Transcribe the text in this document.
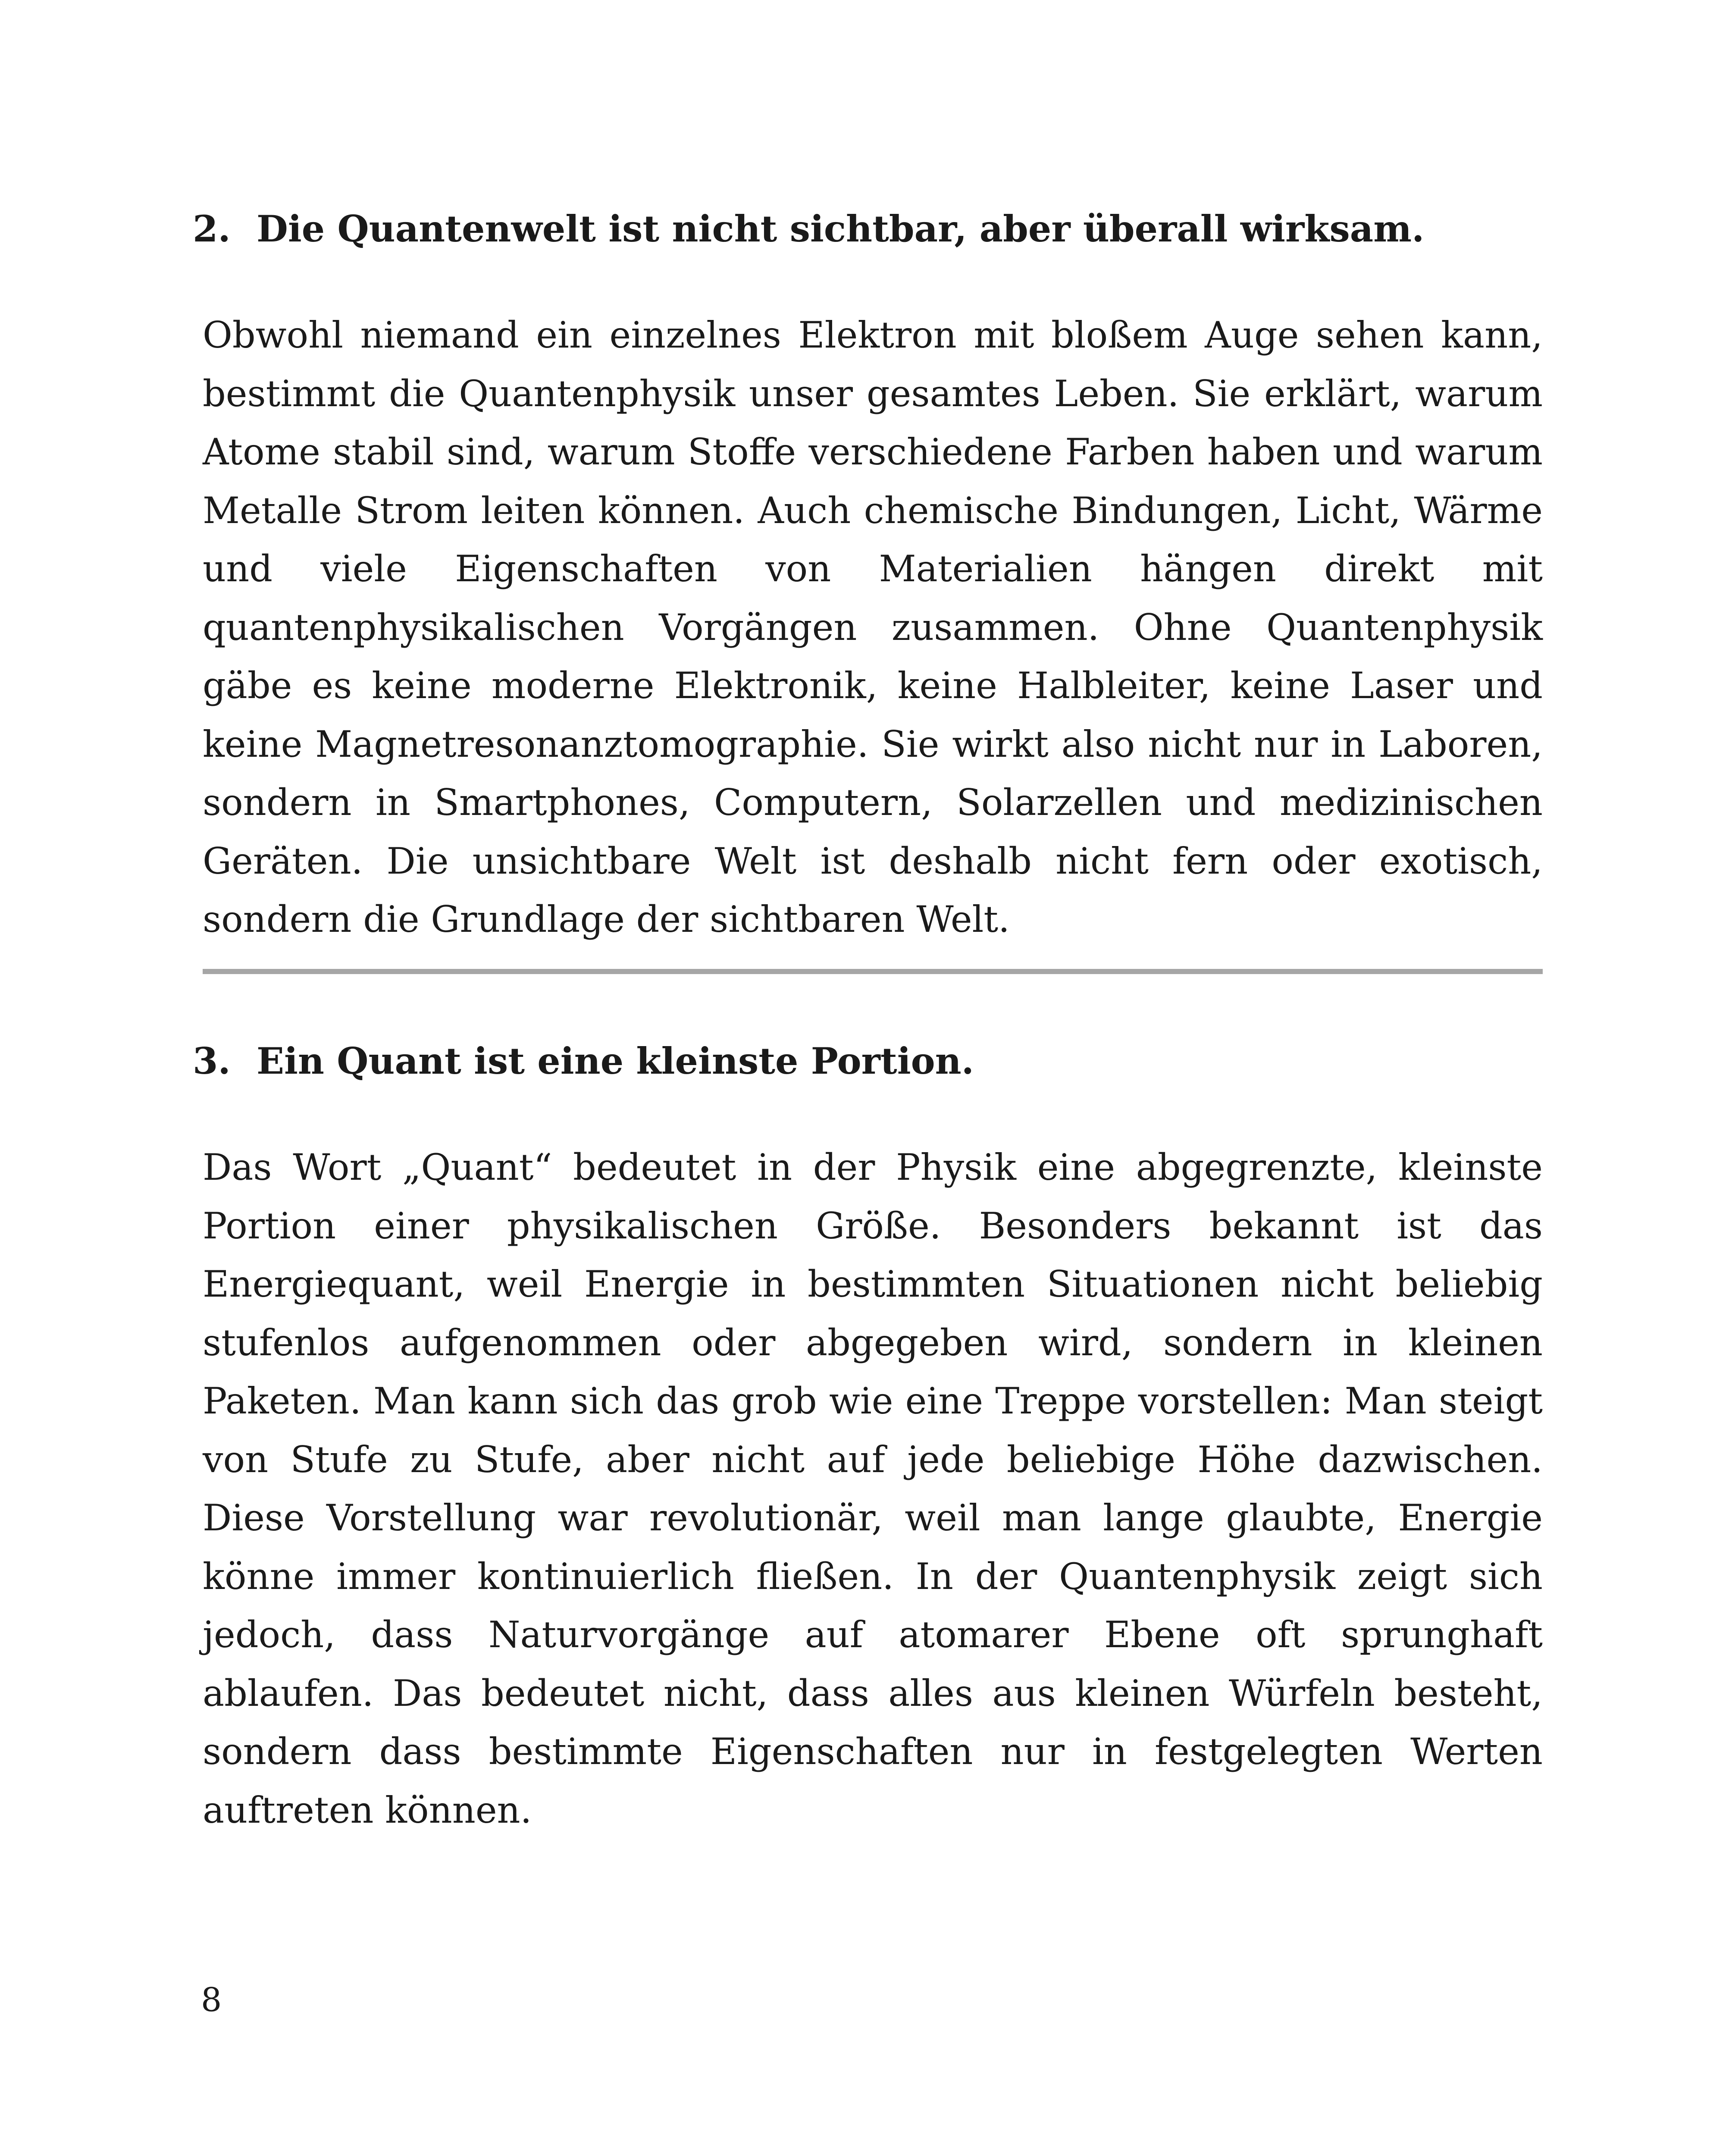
2. Die Quantenwelt ist nicht sichtbar, aber überall wirksam.

Obwohl niemand ein einzelnes Elektron mit bloßem Auge sehen kann, bestimmt die Quantenphysik unser gesamtes Leben. Sie erklärt, warum Atome stabil sind, warum Stoffe verschiedene Farben haben und warum Metalle Strom leiten können. Auch chemische Bindungen, Licht, Wärme und viele Eigenschaften von Materialien hängen direkt mit quantenphysikalischen Vorgängen zusammen. Ohne Quantenphysik gäbe es keine moderne Elektronik, keine Halbleiter, keine Laser und keine Magnetresonanztomographie. Sie wirkt also nicht nur in Laboren, sondern in Smartphones, Computern, Solarzellen und medizinischen Geräten. Die unsichtbare Welt ist deshalb nicht fern oder exotisch, sondern die Grundlage der sichtbaren Welt.

3. Ein Quant ist eine kleinste Portion.

Das Wort „Quant“ bedeutet in der Physik eine abgegrenzte, kleinste Portion einer physikalischen Größe. Besonders bekannt ist das Energiequant, weil Energie in bestimmten Situationen nicht beliebig stufenlos aufgenommen oder abgegeben wird, sondern in kleinen Paketen. Man kann sich das grob wie eine Treppe vorstellen: Man steigt von Stufe zu Stufe, aber nicht auf jede beliebige Höhe dazwischen. Diese Vorstellung war revolutionär, weil man lange glaubte, Energie könne immer kontinuierlich fließen. In der Quantenphysik zeigt sich jedoch, dass Naturvorgänge auf atomarer Ebene oft sprunghaft ablaufen. Das bedeutet nicht, dass alles aus kleinen Würfeln besteht, sondern dass bestimmte Eigenschaften nur in festgelegten Werten auftreten können.

8
